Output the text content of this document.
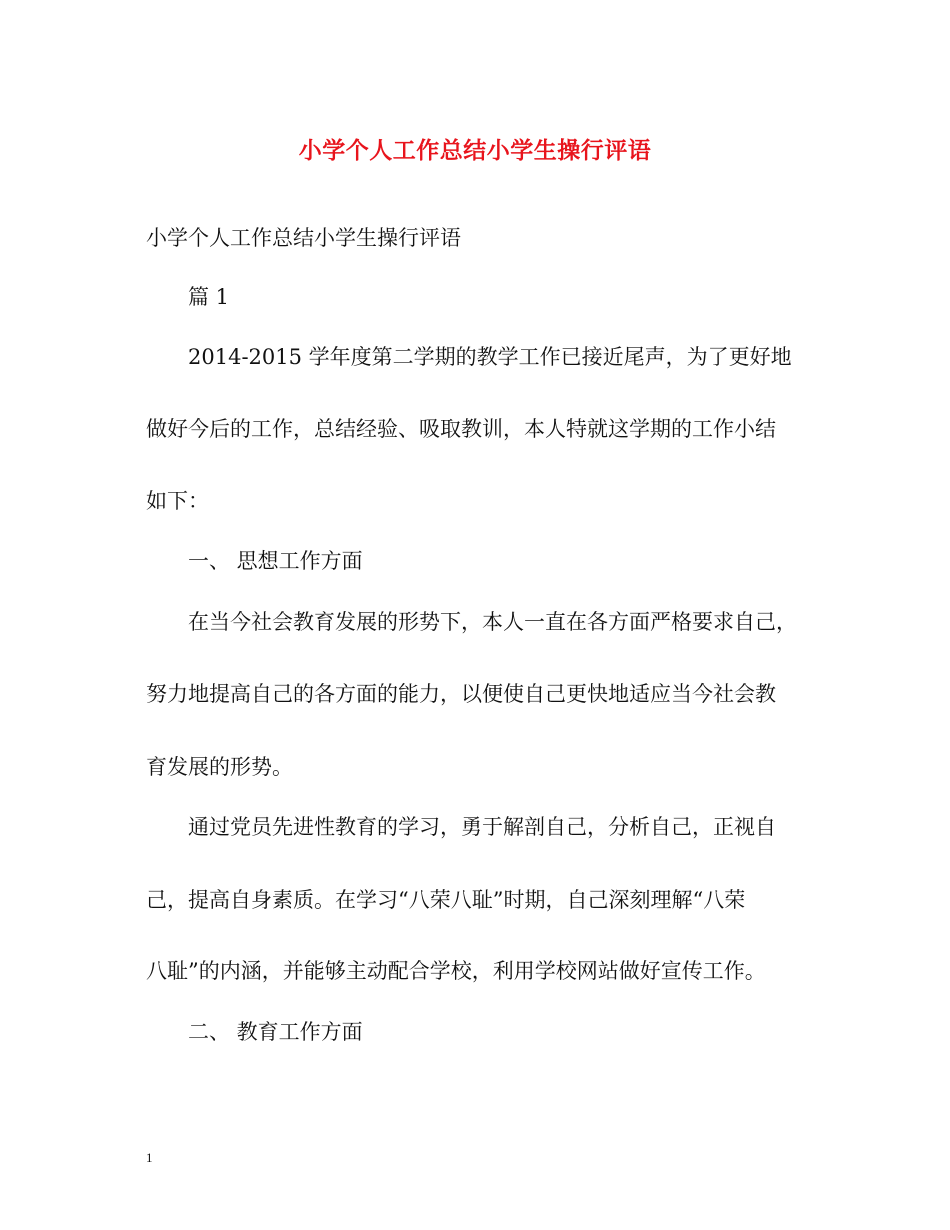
小学个人工作总结小学生操行评语
小学个人工作总结小学生操行评语
篇 1
2014-2015 学年度第二学期的教学工作已接近尾声，为了更好地
做好今后的工作，总结经验、吸取教训，本人特就这学期的工作小结
如下：
一、 思想工作方面
在当今社会教育发展的形势下，本人一直在各方面严格要求自己，
努力地提高自己的各方面的能力，以便使自己更快地适应当今社会教
育发展的形势。
通过党员先进性教育的学习，勇于解剖自己，分析自己，正视自
己，提高自身素质。在学习“八荣八耻”时期，自己深刻理解“八荣
八耻”的内涵，并能够主动配合学校，利用学校网站做好宣传工作。
二、 教育工作方面
1
